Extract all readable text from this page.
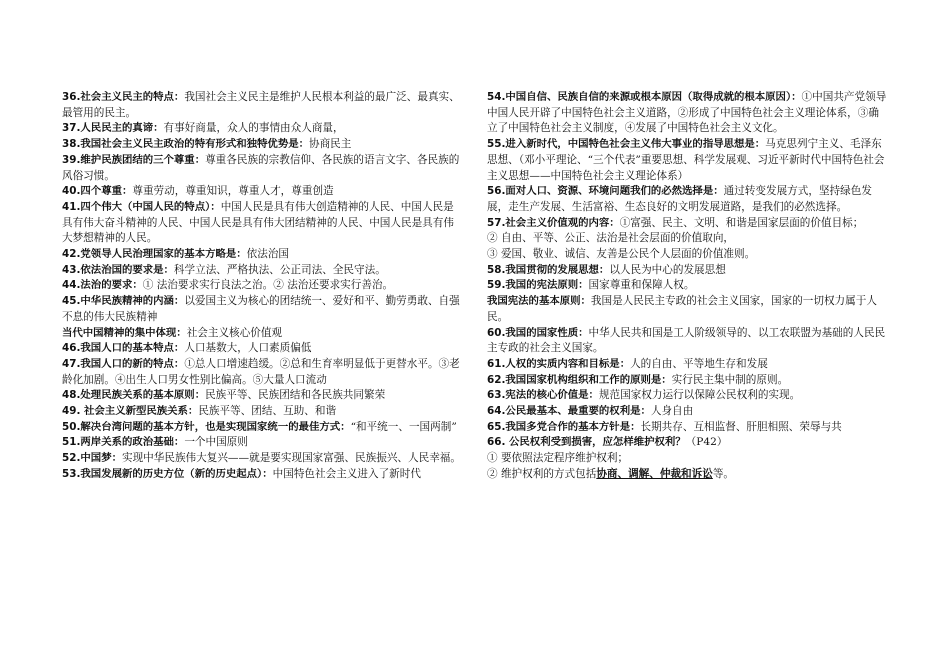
36.社会主义民主的特点：我国社会主义民主是维护人民根本利益的最广泛、最真实、最管用的民主。

37.人民民主的真谛：有事好商量，众人的事情由众人商量，

38.我国社会主义民主政治的特有形式和独特优势是：协商民主

39.维护民族团结的三个尊重：尊重各民族的宗教信仰、各民族的语言文字、各民族的风俗习惯。

40.四个尊重：尊重劳动，尊重知识，尊重人才，尊重创造

41.四个伟大（中国人民的特点）：中国人民是具有伟大创造精神的人民、中国人民是具有伟大奋斗精神的人民、中国人民是具有伟大团结精神的人民、中国人民是具有伟大梦想精神的人民。

42.党领导人民治理国家的基本方略是：依法治国

43.依法治国的要求是：科学立法、严格执法、公正司法、全民守法。

44.法治的要求：① 法治要求实行良法之治。② 法治还要求实行善治。

45.中华民族精神的内涵：以爱国主义为核心的团结统一、爱好和平、勤劳勇敢、自强不息的伟大民族精神

当代中国精神的集中体现：社会主义核心价值观

46.我国人口的基本特点：人口基数大，人口素质偏低

47.我国人口的新的特点：①总人口增速趋缓。②总和生育率明显低于更替水平。③老龄化加剧。④出生人口男女性别比偏高。⑤大量人口流动

48.处理民族关系的基本原则：民族平等、民族团结和各民族共同繁荣

49. 社会主义新型民族关系：民族平等、团结、互助、和谐

50.解决台湾问题的基本方针，也是实现国家统一的最佳方式：“和平统一、一国两制”

51.两岸关系的政治基础：一个中国原则

52.中国梦：实现中华民族伟大复兴——就是要实现国家富强、民族振兴、人民幸福。

53.我国发展新的历史方位（新的历史起点）：中国特色社会主义进入了新时代

54.中国自信、民族自信的来源或根本原因（取得成就的根本原因）：①中国共产党领导中国人民开辟了中国特色社会主义道路，②形成了中国特色社会主义理论体系，③确立了中国特色社会主义制度，④发展了中国特色社会主义文化。

55.进入新时代，中国特色社会主义伟大事业的指导思想是：马克思列宁主义、毛泽东思想、（邓小平理论、“三个代表”重要思想、科学发展观、习近平新时代中国特色社会主义思想——中国特色社会主义理论体系）

56.面对人口、资源、环境问题我们的必然选择是：通过转变发展方式，坚持绿色发展，走生产发展、生活富裕、生态良好的文明发展道路，是我们的必然选择。

57.社会主义价值观的内容：①富强、民主、文明、和谐是国家层面的价值目标；

② 自由、平等、公正、法治是社会层面的价值取向，

③ 爱国、敬业、诚信、友善是公民个人层面的价值准则。

58.我国贯彻的发展思想：以人民为中心的发展思想

59.我国的宪法原则：国家尊重和保障人权。

我国宪法的基本原则：我国是人民民主专政的社会主义国家，国家的一切权力属于人民。

60.我国的国家性质：中华人民共和国是工人阶级领导的、以工农联盟为基础的人民民主专政的社会主义国家。

61.人权的实质内容和目标是：人的自由、平等地生存和发展

62.我国国家机构组织和工作的原则是：实行民主集中制的原则。

63.宪法的核心价值是：规范国家权力运行以保障公民权利的实现。

64.公民最基本、最重要的权利是：人身自由

65.我国多党合作的基本方针是：长期共存、互相监督、肝胆相照、荣辱与共

66. 公民权利受到损害，应怎样维护权利？（P42）

① 要依照法定程序维护权利；

② 维护权利的方式包括协商、调解、仲裁和诉讼等。
